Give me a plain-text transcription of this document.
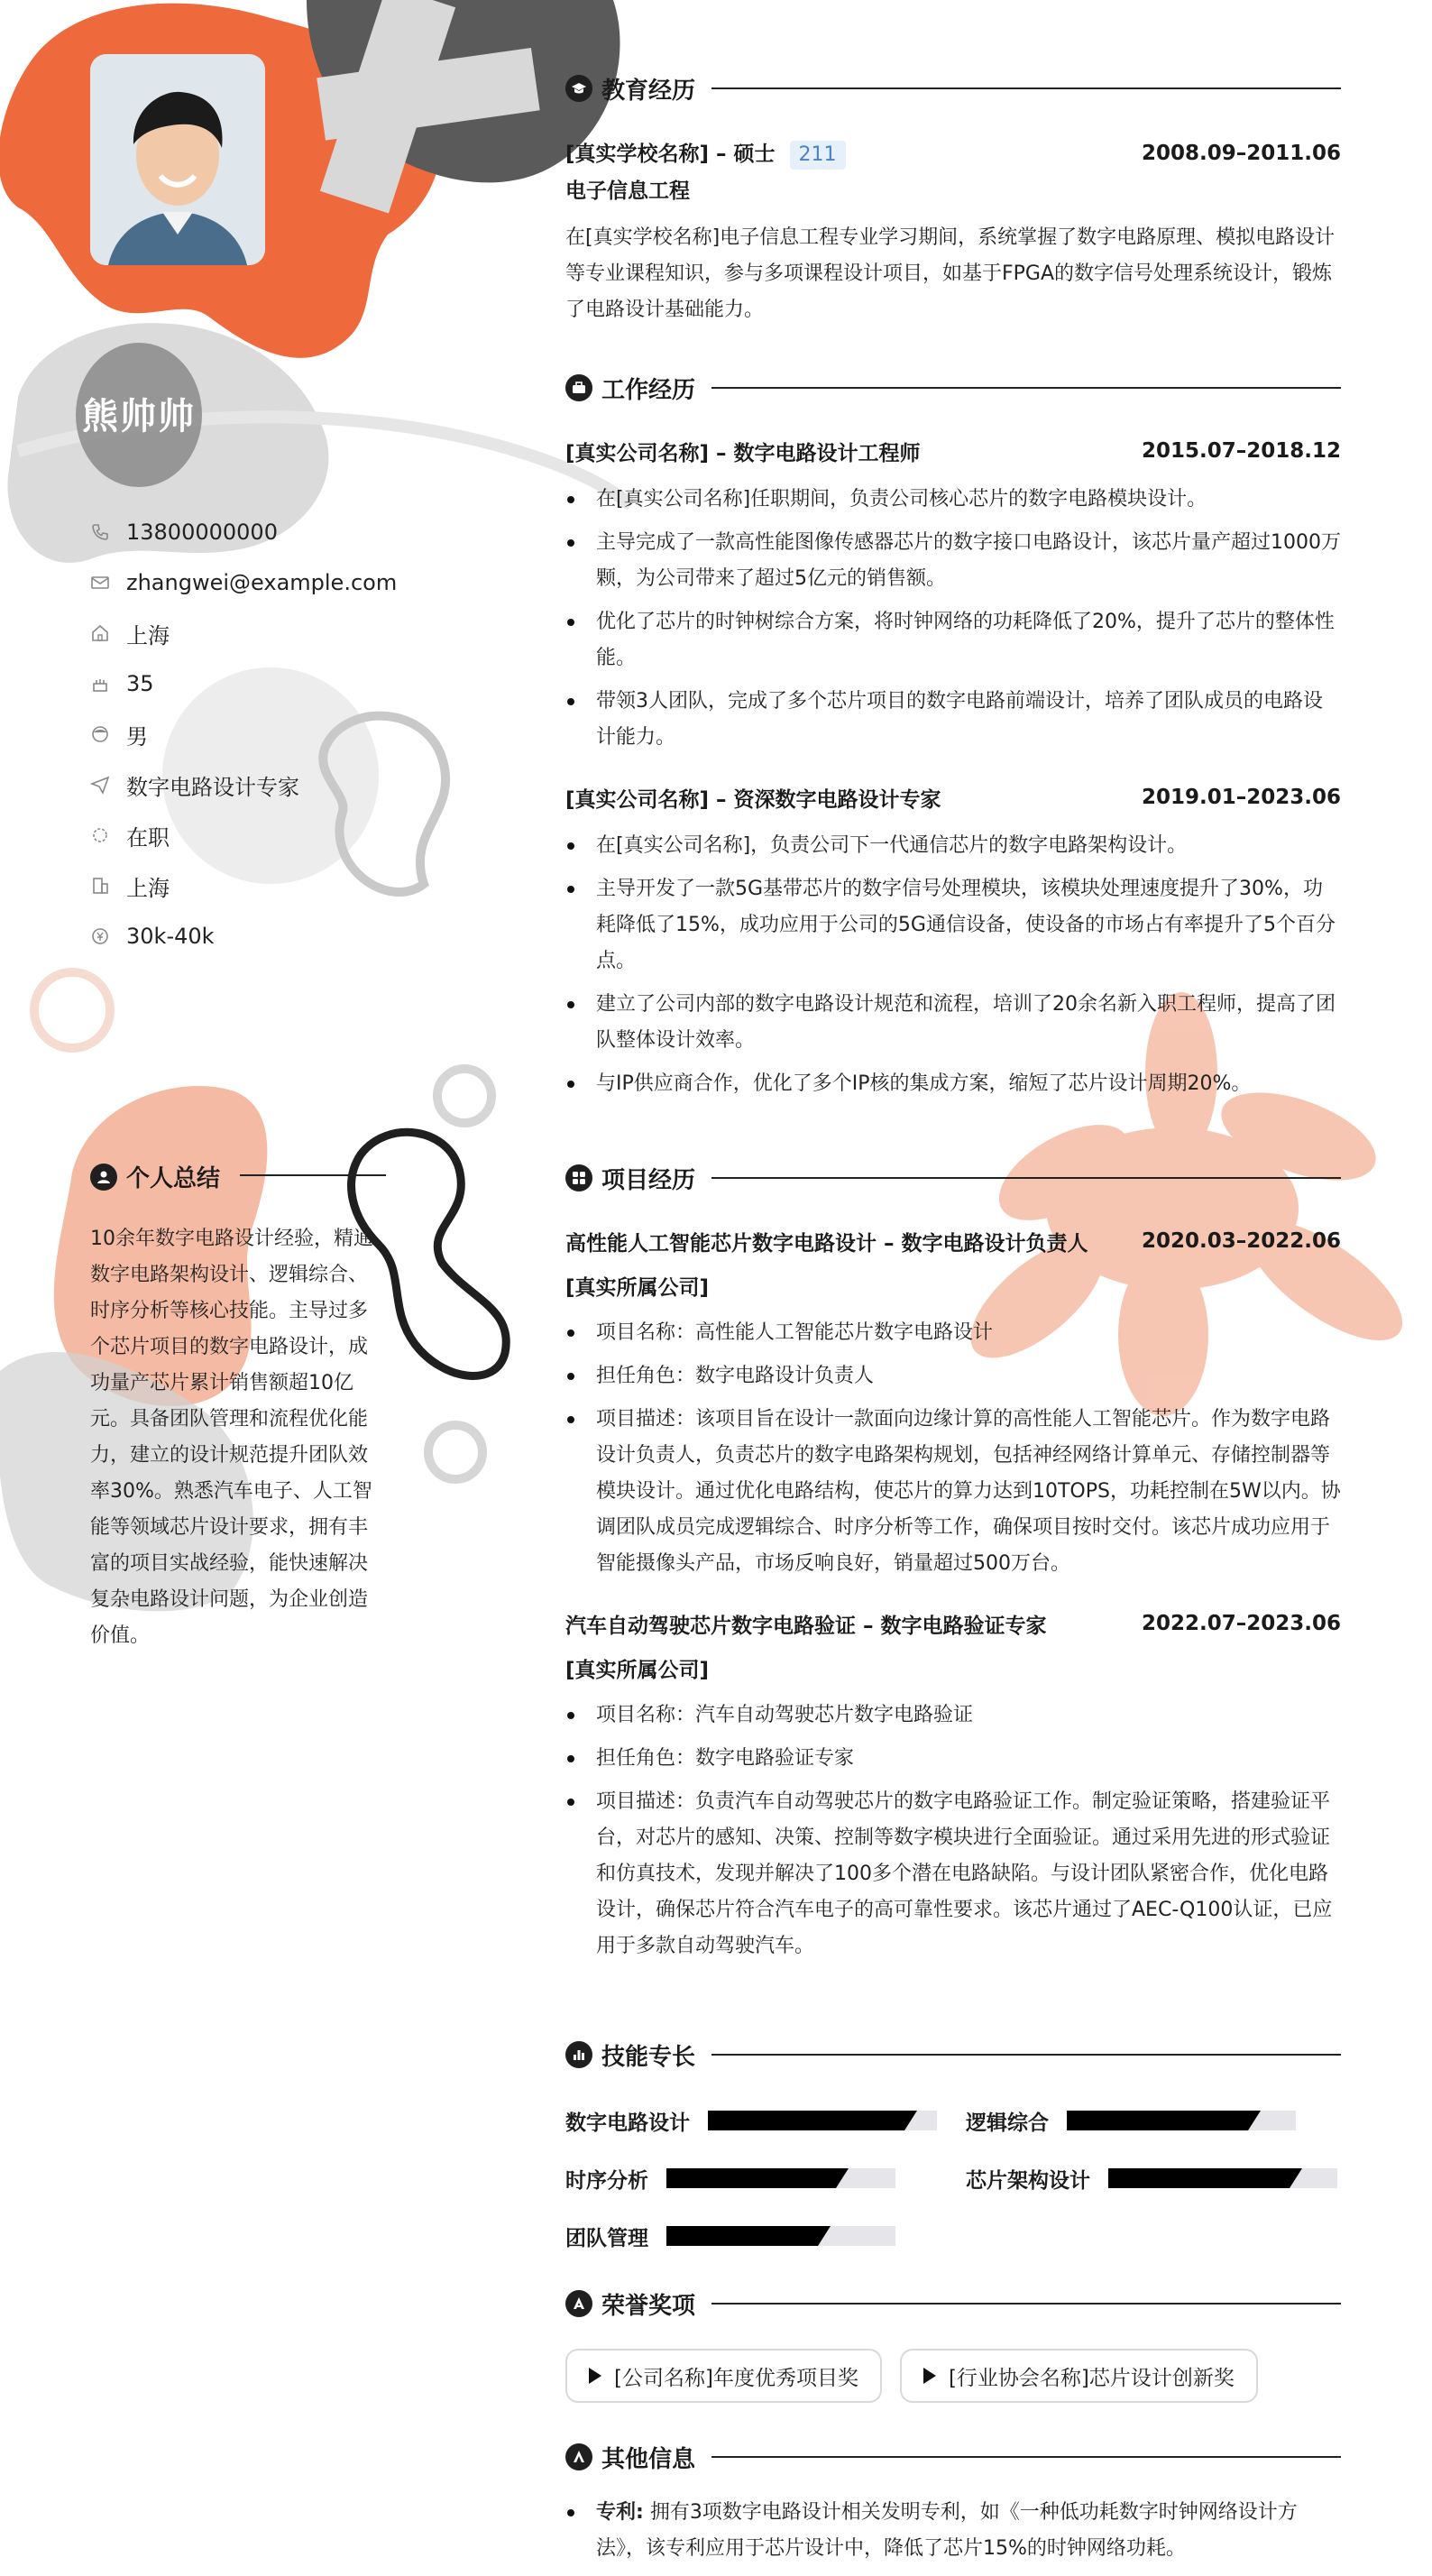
熊帅帅
13800000000
zhangwei@example.com
上海
35
男
数字电路设计专家
在职
上海
30k-40k
个人总结
10余年数字电路设计经验，精通数字电路架构设计、逻辑综合、时序分析等核心技能。主导过多个芯片项目的数字电路设计，成功量产芯片累计销售额超10亿元。具备团队管理和流程优化能力，建立的设计规范提升团队效率30%。熟悉汽车电子、人工智能等领域芯片设计要求，拥有丰富的项目实战经验，能快速解决复杂电路设计问题，为企业创造价值。
教育经历
[真实学校名称] – 硕士 211	2008.09–2011.06
电子信息工程
在[真实学校名称]电子信息工程专业学习期间，系统掌握了数字电路原理、模拟电路设计等专业课程知识，参与多项课程设计项目，如基于FPGA的数字信号处理系统设计，锻炼了电路设计基础能力。
工作经历
[真实公司名称] – 数字电路设计工程师	2015.07–2018.12
在[真实公司名称]任职期间，负责公司核心芯片的数字电路模块设计。
主导完成了一款高性能图像传感器芯片的数字接口电路设计，该芯片量产超过1000万颗，为公司带来了超过5亿元的销售额。
优化了芯片的时钟树综合方案，将时钟网络的功耗降低了20%，提升了芯片的整体性能。
带领3人团队，完成了多个芯片项目的数字电路前端设计，培养了团队成员的电路设计能力。
[真实公司名称] – 资深数字电路设计专家	2019.01–2023.06
在[真实公司名称]，负责公司下一代通信芯片的数字电路架构设计。
主导开发了一款5G基带芯片的数字信号处理模块，该模块处理速度提升了30%，功耗降低了15%，成功应用于公司的5G通信设备，使设备的市场占有率提升了5个百分点。
建立了公司内部的数字电路设计规范和流程，培训了20余名新入职工程师，提高了团队整体设计效率。
与IP供应商合作，优化了多个IP核的集成方案，缩短了芯片设计周期20%。
项目经历
高性能人工智能芯片数字电路设计 – 数字电路设计负责人	2020.03–2022.06
[真实所属公司]
项目名称：高性能人工智能芯片数字电路设计
担任角色：数字电路设计负责人
项目描述：该项目旨在设计一款面向边缘计算的高性能人工智能芯片。作为数字电路设计负责人，负责芯片的数字电路架构规划，包括神经网络计算单元、存储控制器等模块设计。通过优化电路结构，使芯片的算力达到10TOPS，功耗控制在5W以内。协调团队成员完成逻辑综合、时序分析等工作，确保项目按时交付。该芯片成功应用于智能摄像头产品，市场反响良好，销量超过500万台。
汽车自动驾驶芯片数字电路验证 – 数字电路验证专家	2022.07–2023.06
[真实所属公司]
项目名称：汽车自动驾驶芯片数字电路验证
担任角色：数字电路验证专家
项目描述：负责汽车自动驾驶芯片的数字电路验证工作。制定验证策略，搭建验证平台，对芯片的感知、决策、控制等数字模块进行全面验证。通过采用先进的形式验证和仿真技术，发现并解决了100多个潜在电路缺陷。与设计团队紧密合作，优化电路设计，确保芯片符合汽车电子的高可靠性要求。该芯片通过了AEC-Q100认证，已应用于多款自动驾驶汽车。
技能专长
数字电路设计	逻辑综合
时序分析	芯片架构设计
团队管理
荣誉奖项
[公司名称]年度优秀项目奖	[行业协会名称]芯片设计创新奖
其他信息
专利: 拥有3项数字电路设计相关发明专利，如《一种低功耗数字时钟网络设计方法》，该专利应用于芯片设计中，降低了芯片15%的时钟网络功耗。
